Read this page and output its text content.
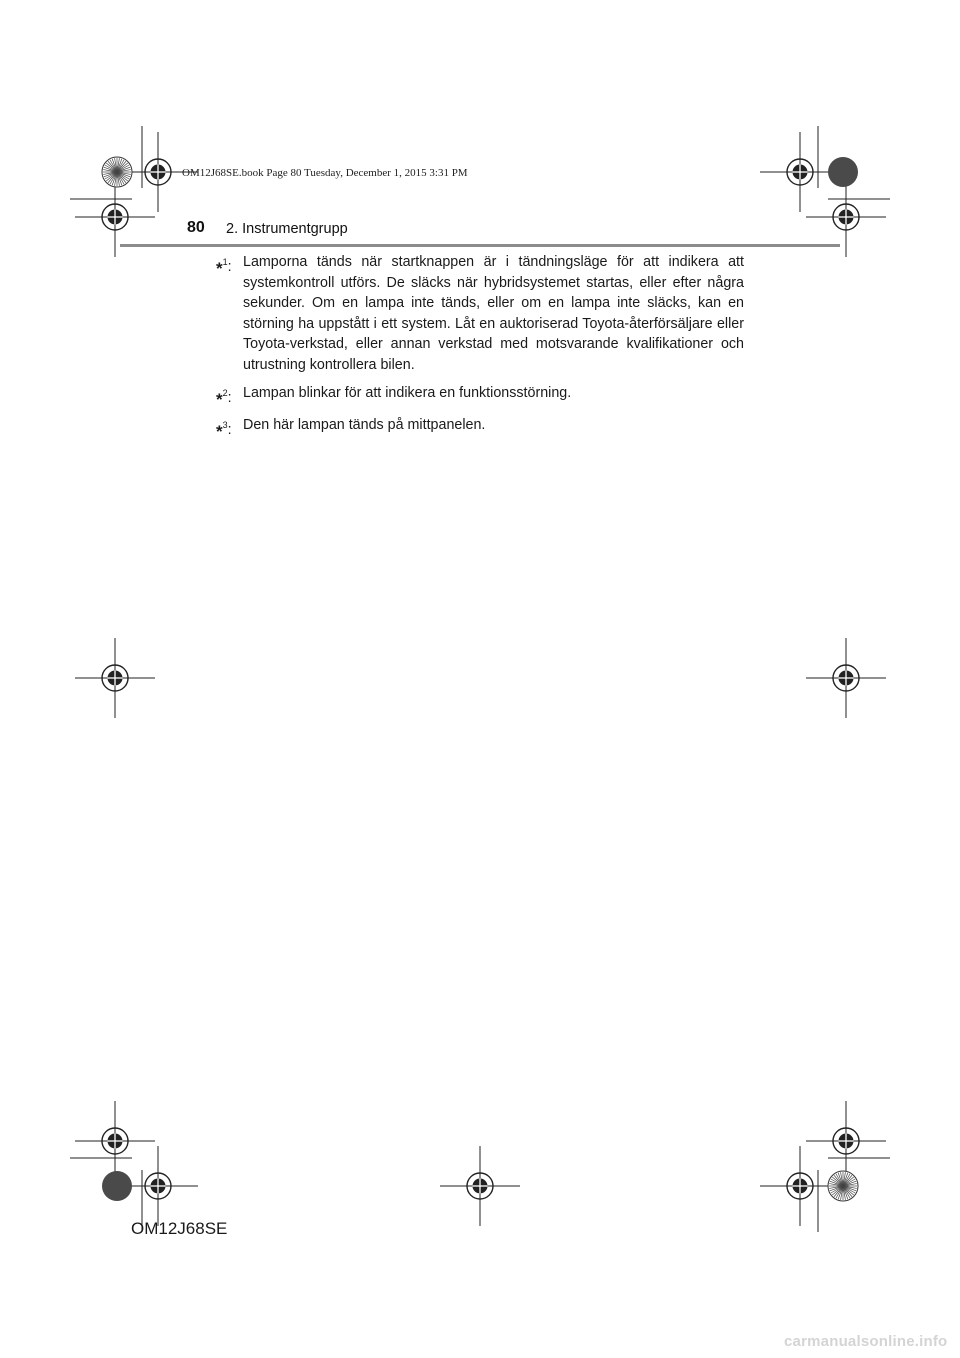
OM12J68SE.book Page 80 Tuesday, December 1, 2015 3:31 PM
80 2. Instrumentgrupp
*$^1$: Lamporna tänds när startknappen är i tändningsläge för att indikera att systemkontroll utförs. De släcks när hybridsystemet startas, eller efter några sekunder. Om en lampa inte tänds, eller om en lampa inte släcks, kan en störning ha uppstått i ett system. Låt en auktoriserad Toyota-återförsäljare eller Toyota-verkstad, eller annan verkstad med motsvarande kvalifikationer och utrustning kontrollera bilen.
*$^2$: Lampan blinkar för att indikera en funktionsstörning.
*$^3$: Den här lampan tänds på mittpanelen.
OM12J68SE
carmanualsonline.info
